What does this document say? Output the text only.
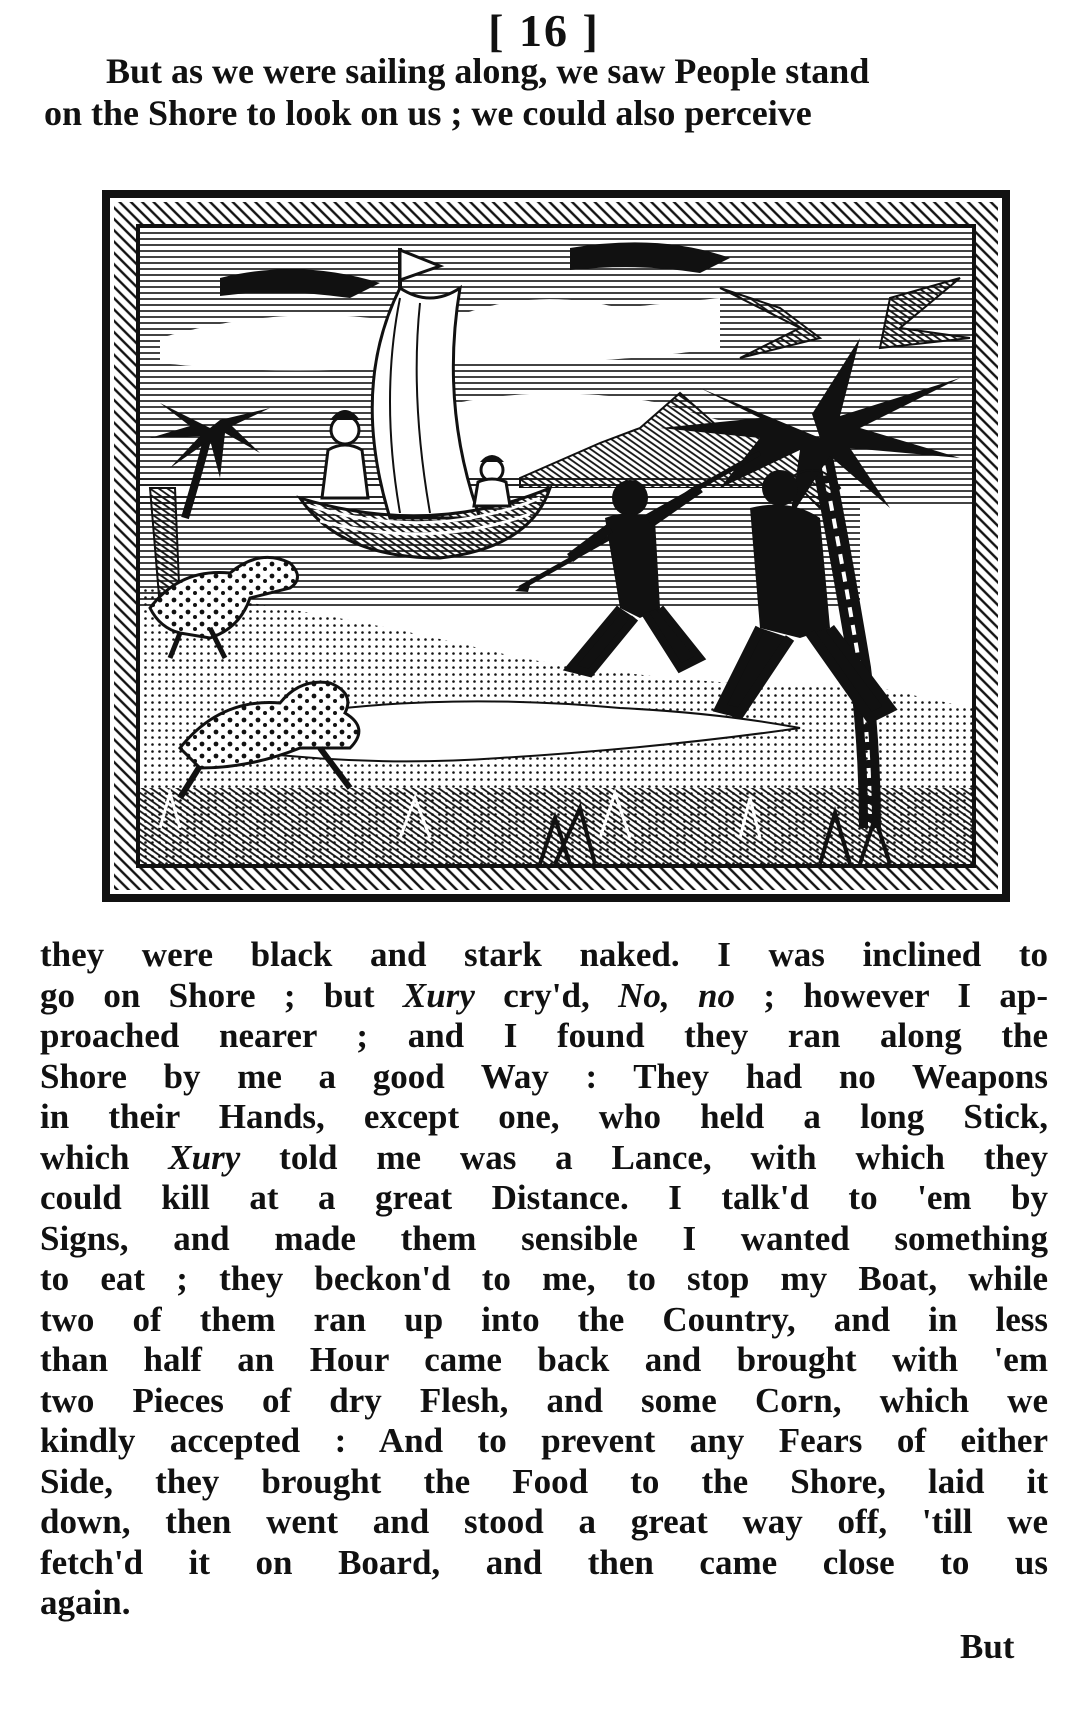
[ 16 ]
But as we were sailing along, we saw People stand
on the Shore to look on us ; we could also perceive
they were black and stark naked. I was inclined to
go on Shore ; but Xury cry'd, No, no ; however I ap-
proached nearer ; and I found they ran along the
Shore by me a good Way : They had no Weapons
in their Hands, except one, who held a long Stick,
which Xury told me was a Lance, with which they
could kill at a great Distance. I talk'd to 'em by
Signs, and made them sensible I wanted something
to eat ; they beckon'd to me, to stop my Boat, while
two of them ran up into the Country, and in less
than half an Hour came back and brought with 'em
two Pieces of dry Flesh, and some Corn, which we
kindly accepted : And to prevent any Fears of either
Side, they brought the Food to the Shore, laid it
down, then went and stood a great way off, 'till we
fetch'd it on Board, and then came close to us
again.
But
